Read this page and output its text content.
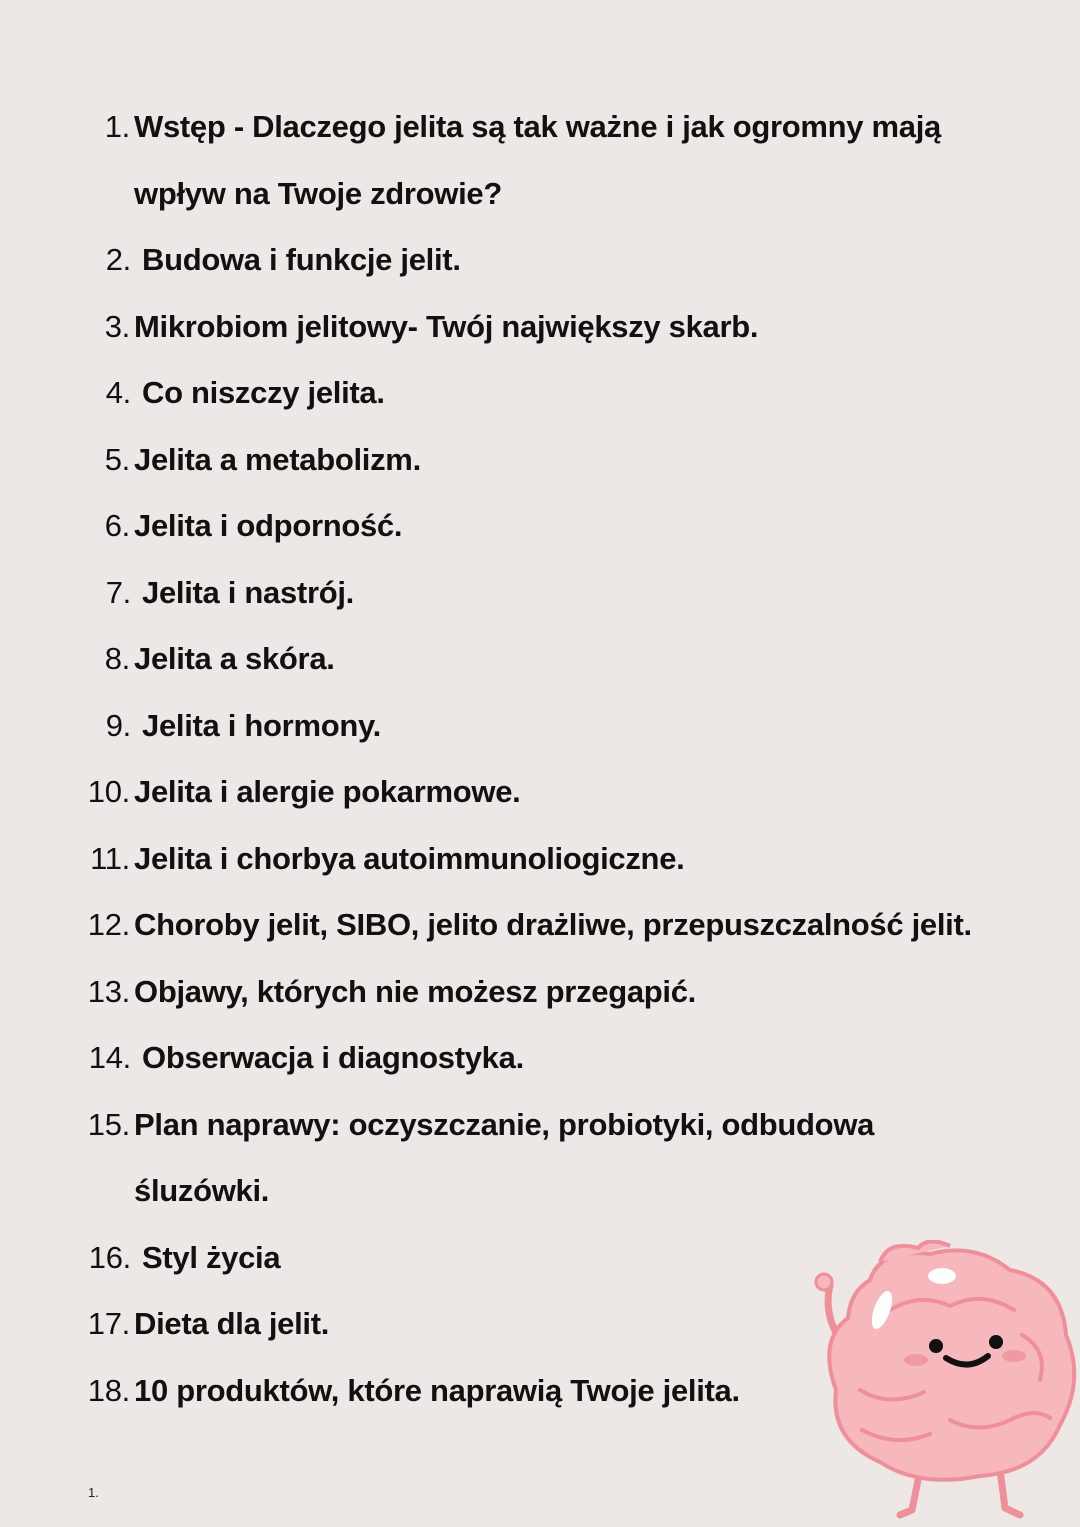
1. Wstęp - Dlaczego jelita są tak ważne i jak ogromny mają
wpływ na Twoje zdrowie?
2. Budowa i funkcje jelit.
3. Mikrobiom jelitowy- Twój największy skarb.
4. Co niszczy jelita.
5. Jelita a metabolizm.
6. Jelita i odporność.
7. Jelita i nastrój.
8. Jelita a skóra.
9. Jelita i hormony.
10. Jelita i alergie pokarmowe.
11. Jelita i chorbya autoimmunoliogiczne.
12. Choroby jelit, SIBO, jelito drażliwe, przepuszczalność jelit.
13. Objawy, których nie możesz przegapić.
14. Obserwacja i diagnostyka.
15. Plan naprawy: oczyszczanie, probiotyki, odbudowa
śluzówki.
16. Styl życia
17. Dieta dla jelit.
18. 10 produktów, które naprawią Twoje jelita.
1.
